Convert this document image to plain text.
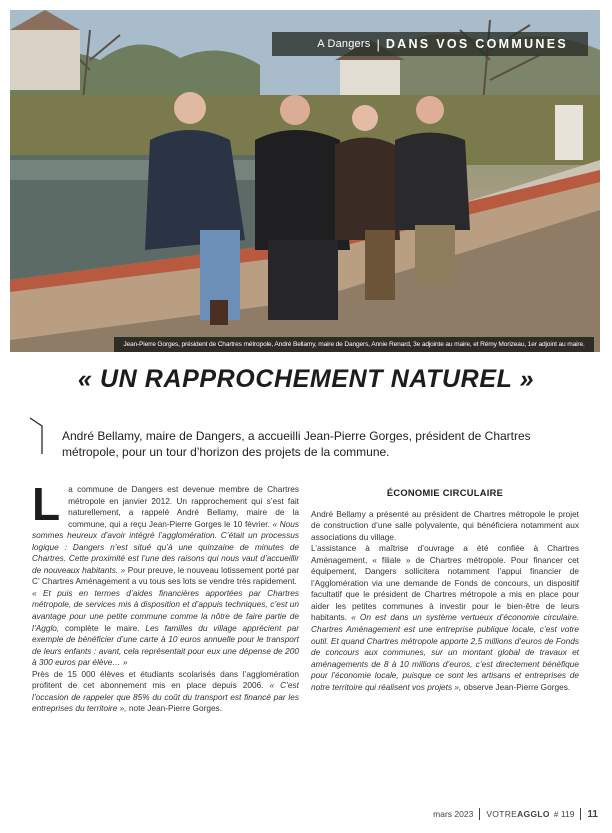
A Dangers | DANS VOS COMMUNES
Jean-Pierre Gorges, président de Chartres métropole, André Bellamy, maire de Dangers, Annie Renard, 3e adjointe au maire, et Rémy Morizeau, 1er adjoint au maire.
« UN RAPPROCHEMENT NATUREL »

André Bellamy, maire de Dangers, a accueilli Jean-Pierre Gorges, président de Chartres métropole, pour un tour d’horizon des projets de la commune.

La commune de Dangers est devenue membre de Chartres métropole en janvier 2012. Un rapprochement qui s’est fait naturellement, a rappelé André Bellamy, maire de la commune, qui a reçu Jean-Pierre Gorges le 10 février. « Nous sommes heureux d’avoir intégré l’agglomération. C’était un processus logique : Dangers n’est situé qu’à une quinzaine de minutes de Chartres. Cette proximité est l’une des raisons qui nous vaut d’accueillir de nouveaux habitants. » Pour preuve, le nouveau lotissement porté par C’ Chartres Aménagement a vu tous ses lots se vendre très rapidement.

« Et puis en termes d’aides financières apportées par Chartres métropole, de services mis à disposition et d’appuis techniques, c’est un avantage pour une petite commune comme la nôtre de faire partie de l’Agglo, complète le maire. Les familles du village apprécient par exemple de bénéficier d’une carte à 10 euros annuelle pour le transport de leurs enfants : avant, cela représentait pour eux une dépense de 200 à 300 euros par élève… »

Près de 15 000 élèves et étudiants scolarisés dans l’agglomération profitent de cet abonnement mis en place depuis 2006. « C’est l’occasion de rappeler que 85% du coût du transport est financé par les entreprises du territoire », note Jean-Pierre Gorges.

ÉCONOMIE CIRCULAIRE

André Bellamy a présenté au président de Chartres métropole le projet de construction d’une salle polyvalente, qui bénéficiera notamment aux associations du village.

L’assistance à maîtrise d’ouvrage a été confiée à Chartres Aménagement, « filiale » de Chartres métropole. Pour financer cet équipement, Dangers sollicitera notamment l’appui financier de l’Agglomération via une demande de Fonds de concours, un dispositif facultatif que le président de Chartres métropole a mis en place pour aider les petites communes à investir pour le bien-être de leurs habitants. « On est dans un système vertueux d’économie circulaire. Chartres Aménagement est une entreprise publique locale, c’est votre outil. Et quand Chartres métropole apporte 2,5 millions d’euros de Fonds de concours aux communes, sur un montant global de travaux et aménagements de 8 à 10 millions d’euros, c’est directement bénéfique pour l’économie locale, puisque ce sont les artisans et entreprises de notre territoire qui réalisent vos projets », observe Jean-Pierre Gorges.

mars 2023 VOTRE AGGLO # 119 11
